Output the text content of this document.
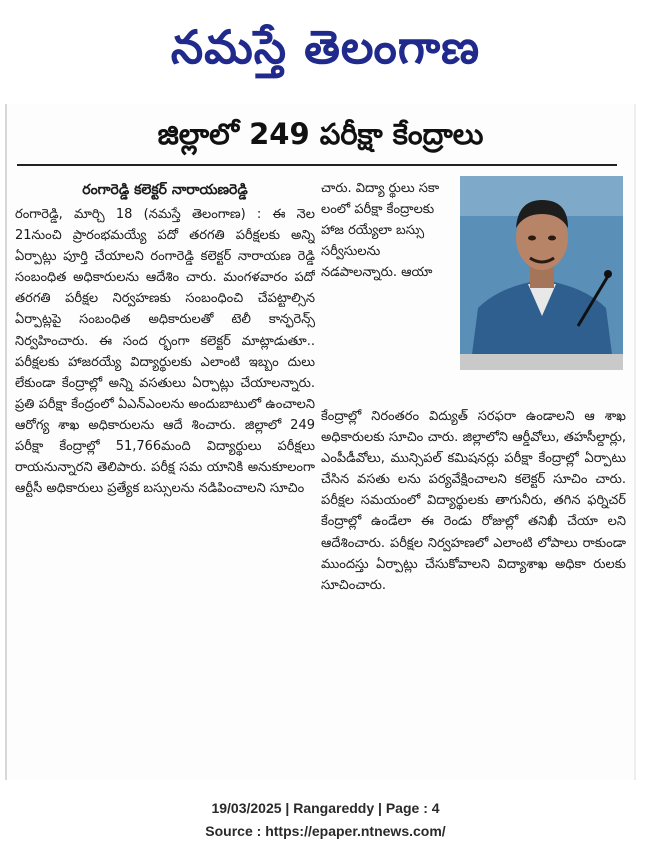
నమస్తే తెలంగాణ
జిల్లాలో 249 పరీక్షా కేంద్రాలు
రంగారెడ్డి కలెక్టర్ నారాయణరెడ్డి

రంగారెడ్డి, మార్చి 18 (నమస్తే తెలంగాణ) : ఈ నెల 21నుంచి ప్రారంభమయ్యే పదో తరగతి పరీక్షలకు అన్ని ఏర్పాట్లు పూర్తి చేయాలని రంగారెడ్డి కలెక్టర్ నారాయణ రెడ్డి సంబంధిత అధికారులను ఆదేశిం చారు. మంగళవారం పదో తరగతి పరీక్షల నిర్వహణకు సంబంధించి చేపట్టాల్సిన ఏర్పాట్లపై సంబంధిత అధికారులతో టెలీ కాన్ఫరెన్స్ నిర్వహించారు. ఈ సంద ర్భంగా కలెక్టర్ మాట్లాడుతూ.. పరీక్షలకు హాజరయ్యే విద్యార్థులకు ఎలాంటి ఇబ్బం దులు లేకుండా కేంద్రాల్లో అన్ని వసతులు ఏర్పాట్లు చేయాలన్నారు. ప్రతి పరీక్షా కేంద్రంలో ఏఎన్ఎంలను అందుబాటులో ఉంచాలని ఆరోగ్య శాఖ అధికారులను ఆదే శించారు. జిల్లాలో 249 పరీక్షా కేంద్రాల్లో 51,766మంది విద్యార్థులు పరీక్షలు రాయనున్నారని తెలిపారు. పరీక్ష సమ యానికి అనుకూలంగా ఆర్టీసీ అధికారులు ప్రత్యేక బస్సులను నడిపించాలని సూచిం

చారు. విద్యా ర్థులు సకా లంలో పరీక్షా కేంద్రాలకు హాజ రయ్యేలా బస్సు సర్వీసులను నడపాలన్నారు. ఆయా

కేంద్రాల్లో నిరంతరం విద్యుత్ సరఫరా ఉండాలని ఆ శాఖ అధికారులకు సూచిం చారు. జిల్లాలోని ఆర్డీవోలు, తహసీల్దార్లు, ఎంపీడీవోలు, మున్సిపల్ కమిషనర్లు పరీక్షా కేంద్రాల్లో ఏర్పాటు చేసిన వసతు లను పర్యవేక్షించాలని కలెక్టర్ సూచిం చారు. పరీక్షల సమయంలో విద్యార్థులకు తాగునీరు, తగిన ఫర్నిచర్ కేంద్రాల్లో ఉండేలా ఈ రెండు రోజుల్లో తనిఖీ చేయా లని ఆదేశించారు. పరీక్షల నిర్వహణలో ఎలాంటి లోపాలు రాకుండా ముందస్తు ఏర్పాట్లు చేసుకోవాలని విద్యాశాఖ అధికా రులకు సూచించారు.

19/03/2025 | Rangareddy | Page : 4
Source : https://epaper.ntnews.com/
